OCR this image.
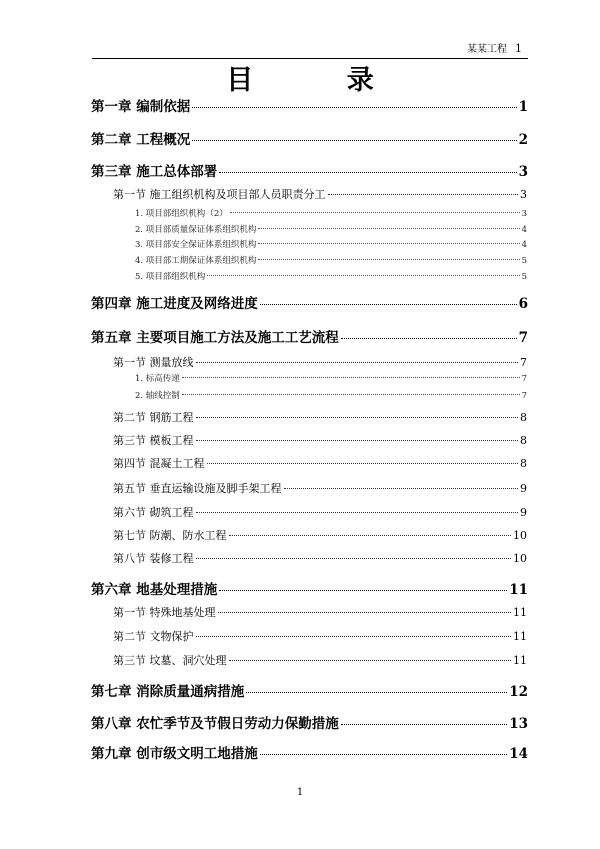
某某工程 1
目 录
第一章 编制依据	1
第二章 工程概况	2
第三章 施工总体部署	3
第一节 施工组织机构及项目部人员职责分工	3
1. 项目部组织机构（2）	3
2. 项目部质量保证体系组织机构	4
3. 项目部安全保证体系组织机构	4
4. 项目部工期保证体系组织机构	5
5. 项目部组织机构	5
第四章 施工进度及网络进度	6
第五章 主要项目施工方法及施工工艺流程	7
第一节 测量放线	7
1. 标高传递	7
2. 轴线控制	7
第二节 钢筋工程	8
第三节 模板工程	8
第四节 混凝土工程	8
第五节 垂直运输设施及脚手架工程	9
第六节 砌筑工程	9
第七节 防潮、防水工程	10
第八节 装修工程	10
第六章 地基处理措施	11
第一节 特殊地基处理	11
第二节 文物保护	11
第三节 坟墓、洞穴处理	11
第七章 消除质量通病措施	12
第八章 农忙季节及节假日劳动力保勤措施	13
第九章 创市级文明工地措施	14
1
